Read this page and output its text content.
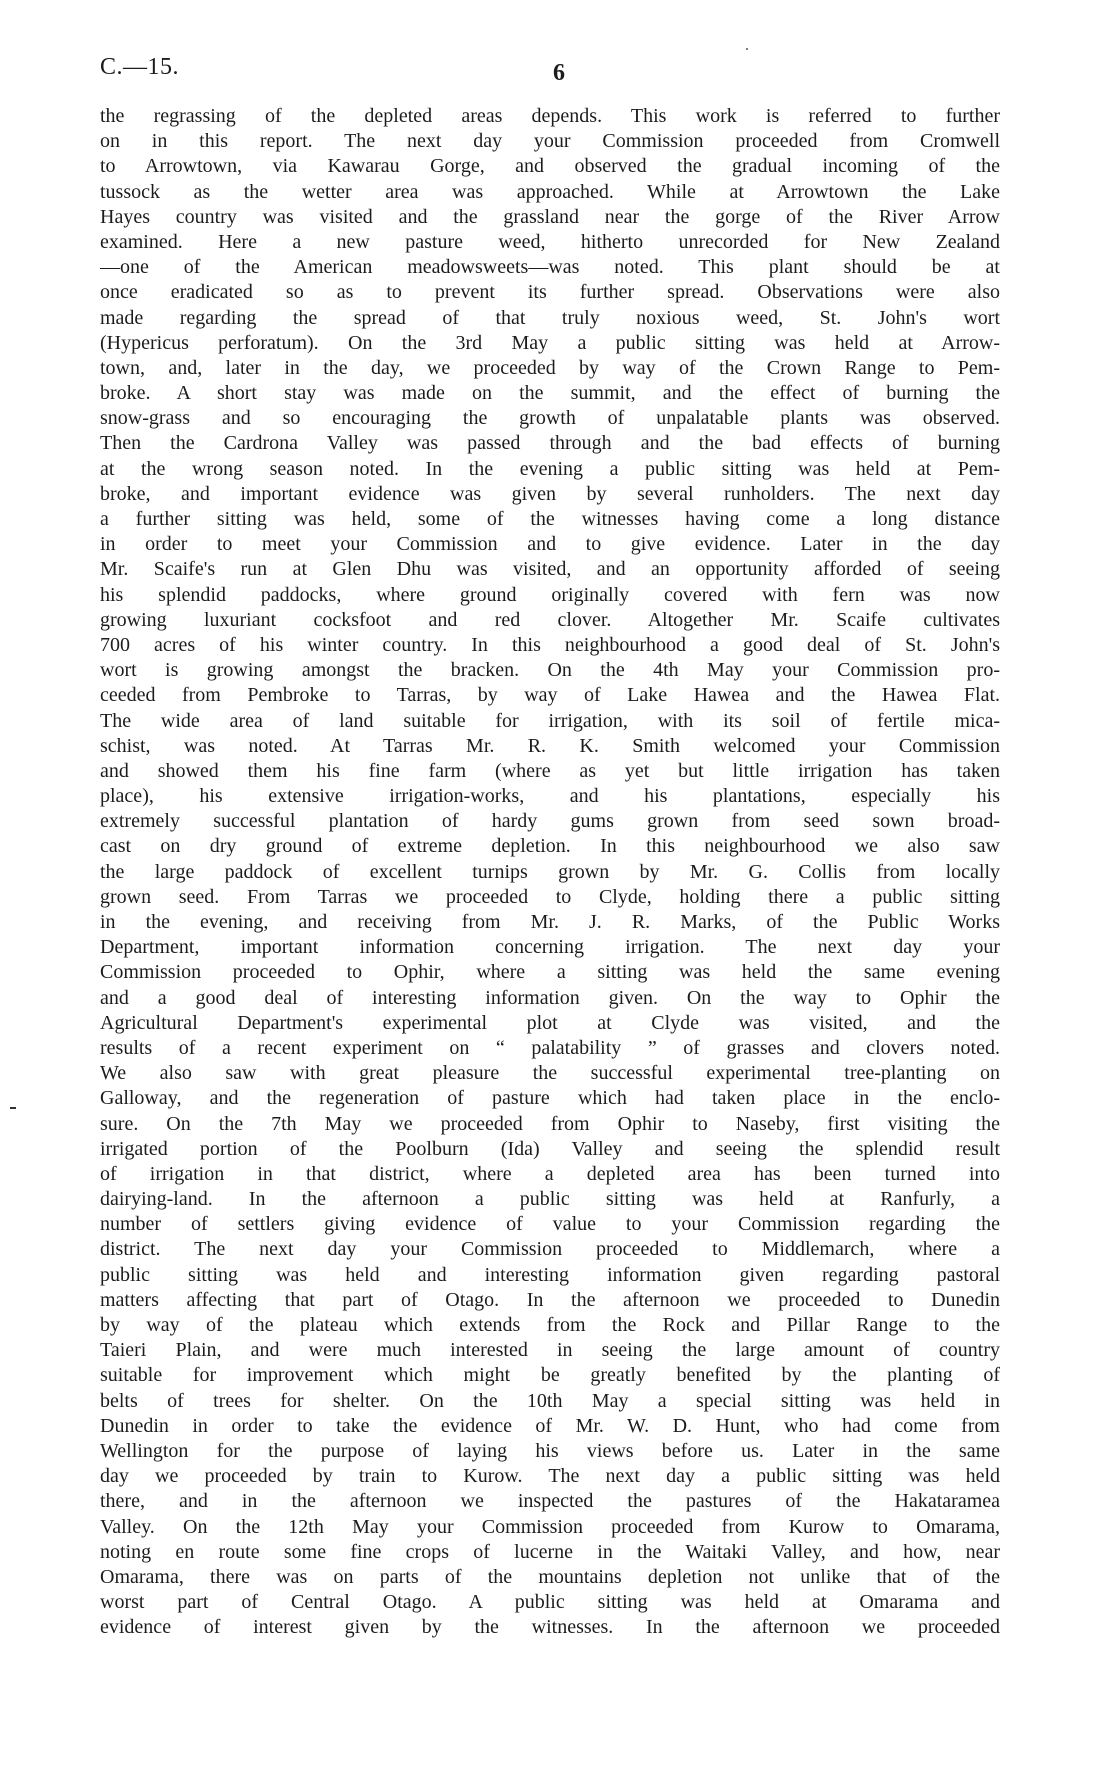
C.—15.	6
the regrassing of the depleted areas depends. This work is referred to further
on in this report. The next day your Commission proceeded from Cromwell
to Arrowtown, via Kawarau Gorge, and observed the gradual incoming of the
tussock as the wetter area was approached. While at Arrowtown the Lake
Hayes country was visited and the grassland near the gorge of the River Arrow
examined. Here a new pasture weed, hitherto unrecorded for New Zealand
—one of the American meadowsweets—was noted. This plant should be at
once eradicated so as to prevent its further spread. Observations were also
made regarding the spread of that truly noxious weed, St. John's wort
(Hypericus perforatum). On the 3rd May a public sitting was held at Arrow-
town, and, later in the day, we proceeded by way of the Crown Range to Pem-
broke. A short stay was made on the summit, and the effect of burning the
snow-grass and so encouraging the growth of unpalatable plants was observed.
Then the Cardrona Valley was passed through and the bad effects of burning
at the wrong season noted. In the evening a public sitting was held at Pem-
broke, and important evidence was given by several runholders. The next day
a further sitting was held, some of the witnesses having come a long distance
in order to meet your Commission and to give evidence. Later in the day
Mr. Scaife's run at Glen Dhu was visited, and an opportunity afforded of seeing
his splendid paddocks, where ground originally covered with fern was now
growing luxuriant cocksfoot and red clover. Altogether Mr. Scaife cultivates
700 acres of his winter country. In this neighbourhood a good deal of St. John's
wort is growing amongst the bracken. On the 4th May your Commission pro-
ceeded from Pembroke to Tarras, by way of Lake Hawea and the Hawea Flat.
The wide area of land suitable for irrigation, with its soil of fertile mica-
schist, was noted. At Tarras Mr. R. K. Smith welcomed your Commission
and showed them his fine farm (where as yet but little irrigation has taken
place), his extensive irrigation-works, and his plantations, especially his
extremely successful plantation of hardy gums grown from seed sown broad-
cast on dry ground of extreme depletion. In this neighbourhood we also saw
the large paddock of excellent turnips grown by Mr. G. Collis from locally
grown seed. From Tarras we proceeded to Clyde, holding there a public sitting
in the evening, and receiving from Mr. J. R. Marks, of the Public Works
Department, important information concerning irrigation. The next day your
Commission proceeded to Ophir, where a sitting was held the same evening
and a good deal of interesting information given. On the way to Ophir the
Agricultural Department's experimental plot at Clyde was visited, and the
results of a recent experiment on “ palatability ” of grasses and clovers noted.
We also saw with great pleasure the successful experimental tree-planting on
Galloway, and the regeneration of pasture which had taken place in the enclo-
sure. On the 7th May we proceeded from Ophir to Naseby, first visiting the
irrigated portion of the Poolburn (Ida) Valley and seeing the splendid result
of irrigation in that district, where a depleted area has been turned into
dairying-land. In the afternoon a public sitting was held at Ranfurly, a
number of settlers giving evidence of value to your Commission regarding the
district. The next day your Commission proceeded to Middlemarch, where a
public sitting was held and interesting information given regarding pastoral
matters affecting that part of Otago. In the afternoon we proceeded to Dunedin
by way of the plateau which extends from the Rock and Pillar Range to the
Taieri Plain, and were much interested in seeing the large amount of country
suitable for improvement which might be greatly benefited by the planting of
belts of trees for shelter. On the 10th May a special sitting was held in
Dunedin in order to take the evidence of Mr. W. D. Hunt, who had come from
Wellington for the purpose of laying his views before us. Later in the same
day we proceeded by train to Kurow. The next day a public sitting was held
there, and in the afternoon we inspected the pastures of the Hakataramea
Valley. On the 12th May your Commission proceeded from Kurow to Omarama,
noting en route some fine crops of lucerne in the Waitaki Valley, and how, near
Omarama, there was on parts of the mountains depletion not unlike that of the
worst part of Central Otago. A public sitting was held at Omarama and
evidence of interest given by the witnesses. In the afternoon we proceeded
